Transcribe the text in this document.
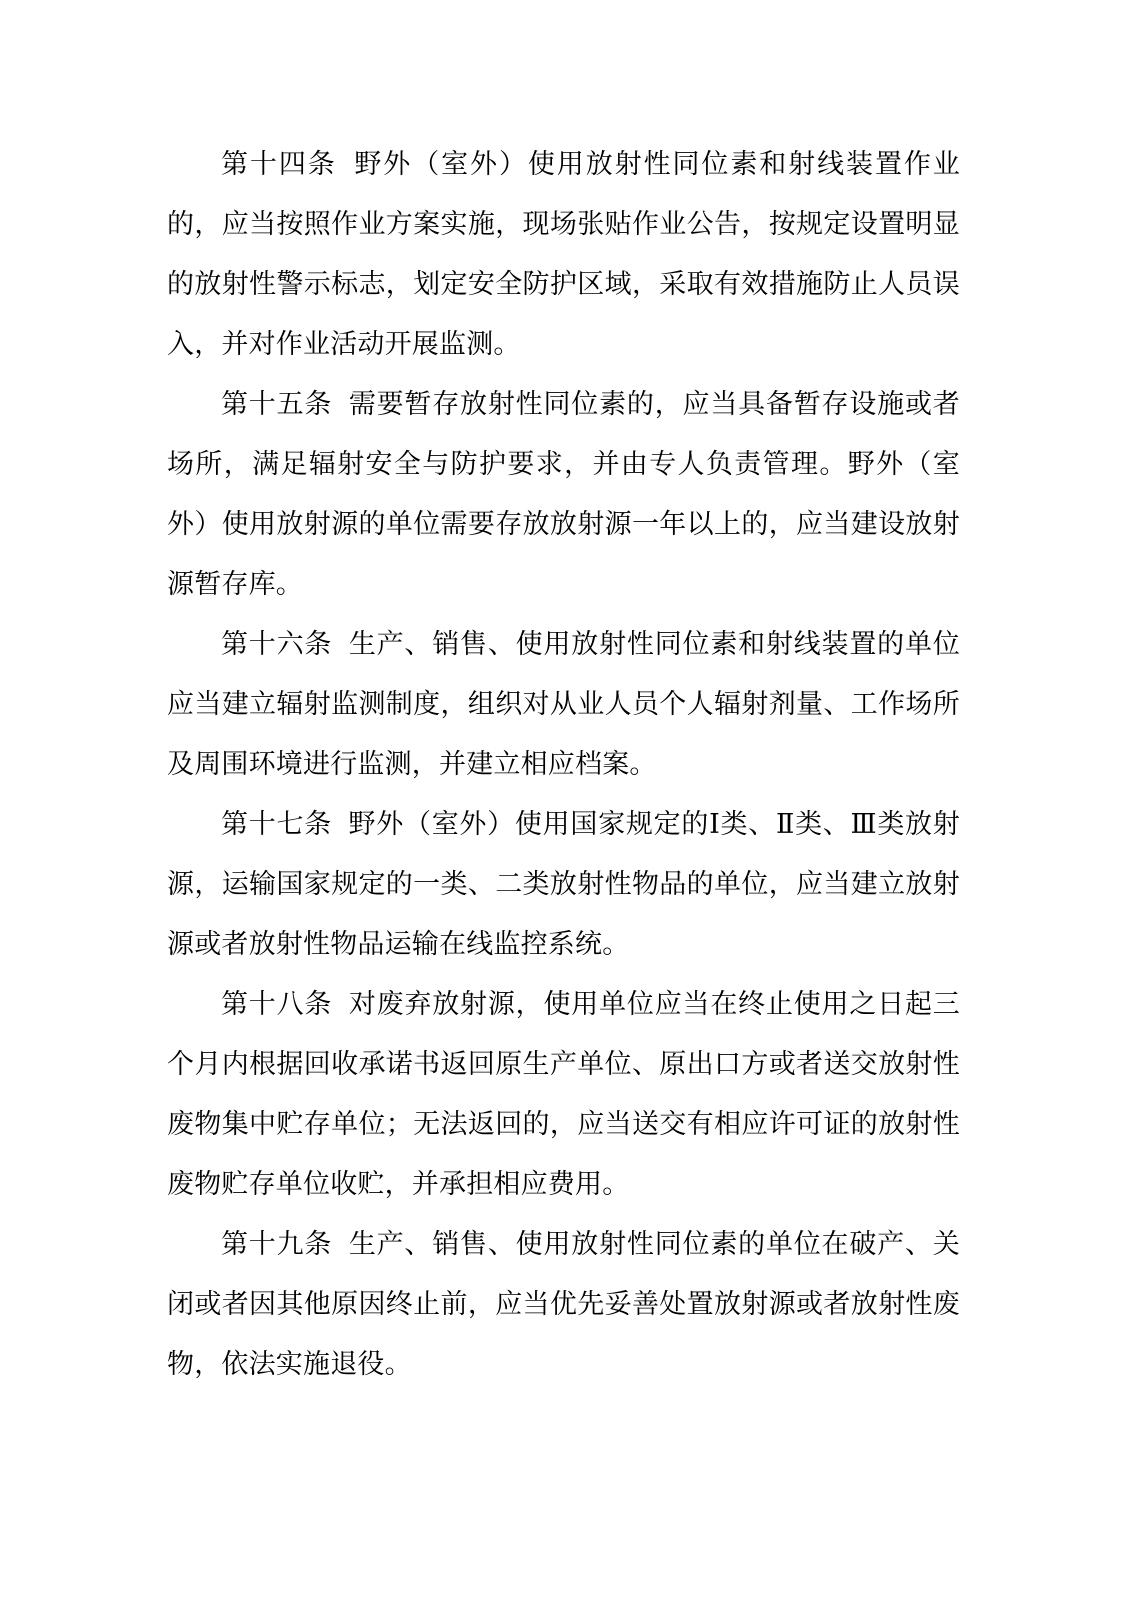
第十四条 野外（室外）使用放射性同位素和射线装置作业的，应当按照作业方案实施，现场张贴作业公告，按规定设置明显的放射性警示标志，划定安全防护区域，采取有效措施防止人员误入，并对作业活动开展监测。

第十五条 需要暂存放射性同位素的，应当具备暂存设施或者场所，满足辐射安全与防护要求，并由专人负责管理。野外（室外）使用放射源的单位需要存放放射源一年以上的，应当建设放射源暂存库。

第十六条 生产、销售、使用放射性同位素和射线装置的单位应当建立辐射监测制度，组织对从业人员个人辐射剂量、工作场所及周围环境进行监测，并建立相应档案。

第十七条 野外（室外）使用国家规定的Ⅰ类、Ⅱ类、Ⅲ类放射源，运输国家规定的一类、二类放射性物品的单位，应当建立放射源或者放射性物品运输在线监控系统。

第十八条 对废弃放射源，使用单位应当在终止使用之日起三个月内根据回收承诺书返回原生产单位、原出口方或者送交放射性废物集中贮存单位；无法返回的，应当送交有相应许可证的放射性废物贮存单位收贮，并承担相应费用。

第十九条 生产、销售、使用放射性同位素的单位在破产、关闭或者因其他原因终止前，应当优先妥善处置放射源或者放射性废物，依法实施退役。
